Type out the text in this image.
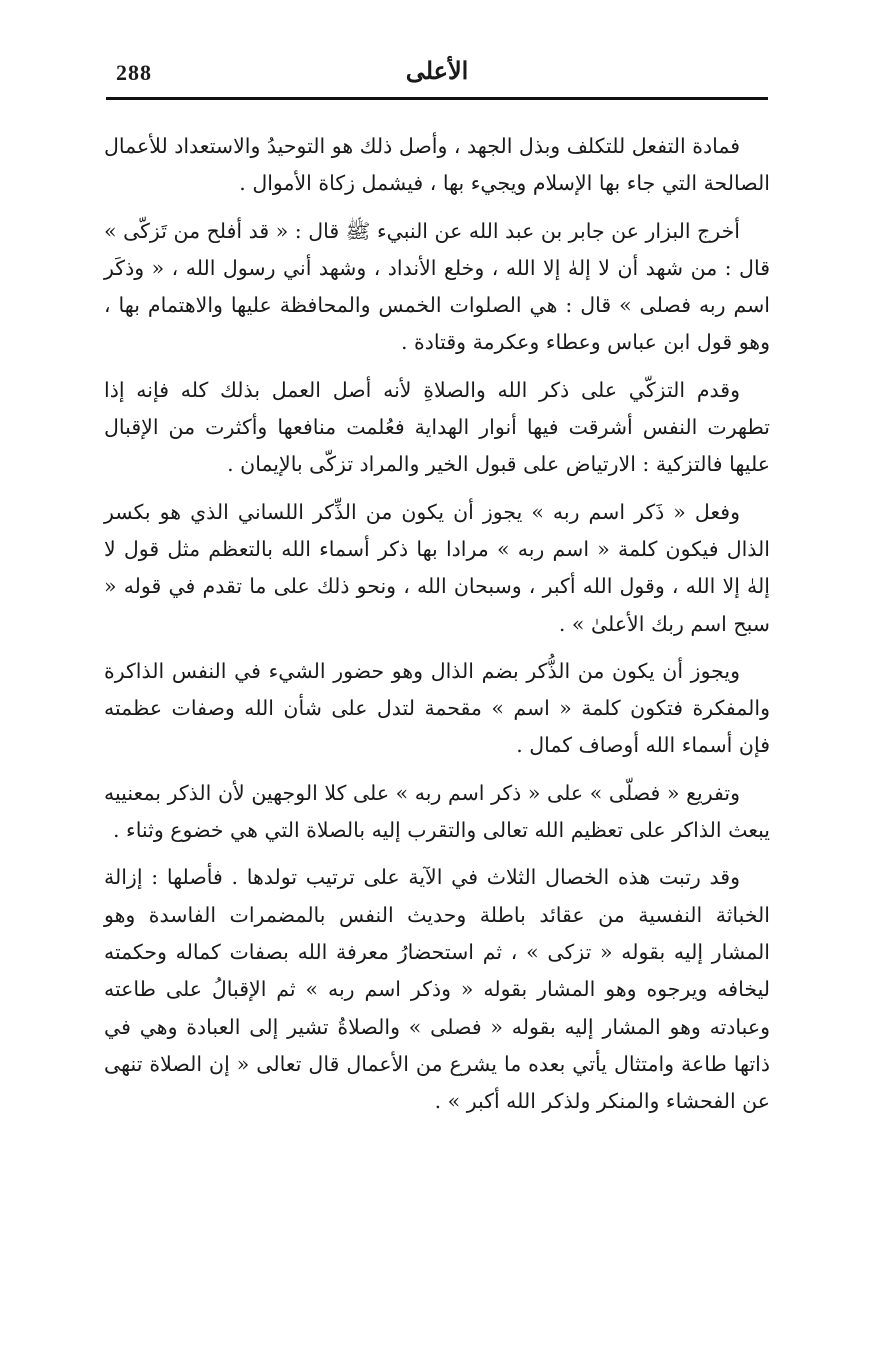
288	الأعلى

فمادة التفعل للتكلف وبذل الجهد ، وأصل ذلك هو التوحيدُ والاستعداد للأعمال الصالحة التي جاء بها الإسلام ويجيء بها ، فيشمل زكاة الأموال .

أخرج البزار عن جابر بن عبد الله عن النبيء ﷺ قال : « قد أفلح من تَزكّى » قال : من شهد أن لا إلهٰ إلا الله ، وخلع الأنداد ، وشهد أني رسول الله ، « وذكَر اسم ربه فصلى » قال : هي الصلوات الخمس والمحافظة عليها والاهتمام بها ، وهو قول ابن عباس وعطاء وعكرمة وقتادة .

وقدم التزكّي على ذكر الله والصلاةِ لأنه أصل العمل بذلك كله فإنه إذا تطهرت النفس أشرقت فيها أنوار الهداية فعُلمت منافعها وأكثرت من الإقبال عليها فالتزكية : الارتياض على قبول الخير والمراد تزكّى بالإيمان .

وفعل « ذَكر اسم ربه » يجوز أن يكون من الذِّكر اللساني الذي هو بكسر الذال فيكون كلمة « اسم ربه » مرادا بها ذكر أسماء الله بالتعظم مثل قول لا إلهٰ إلا الله ، وقول الله أكبر ، وسبحان الله ، ونحو ذلك على ما تقدم في قوله « سبح اسم ربك الأعلىٰ » .

ويجوز أن يكون من الذُّكر بضم الذال وهو حضور الشيء في النفس الذاكرة والمفكرة فتكون كلمة « اسم » مقحمة لتدل على شأن الله وصفات عظمته فإن أسماء الله أوصاف كمال .

وتفريع « فصلّى » على « ذكر اسم ربه » على كلا الوجهين لأن الذكر بمعنييه يبعث الذاكر على تعظيم الله تعالى والتقرب إليه بالصلاة التي هي خضوع وثناء .

وقد رتبت هذه الخصال الثلاث في الآية على ترتيب تولدها . فأصلها : إزالة الخباثة النفسية من عقائد باطلة وحديث النفس بالمضمرات الفاسدة وهو المشار إليه بقوله « تزكى » ، ثم استحضارُ معرفة الله بصفات كماله وحكمته ليخافه ويرجوه وهو المشار بقوله « وذكر اسم ربه » ثم الإقبالُ على طاعته وعبادته وهو المشار إليه بقوله « فصلى » والصلاةُ تشير إلى العبادة وهي في ذاتها طاعة وامتثال يأتي بعده ما يشرع من الأعمال قال تعالى « إن الصلاة تنهى عن الفحشاء والمنكر ولذكر الله أكبر » .
